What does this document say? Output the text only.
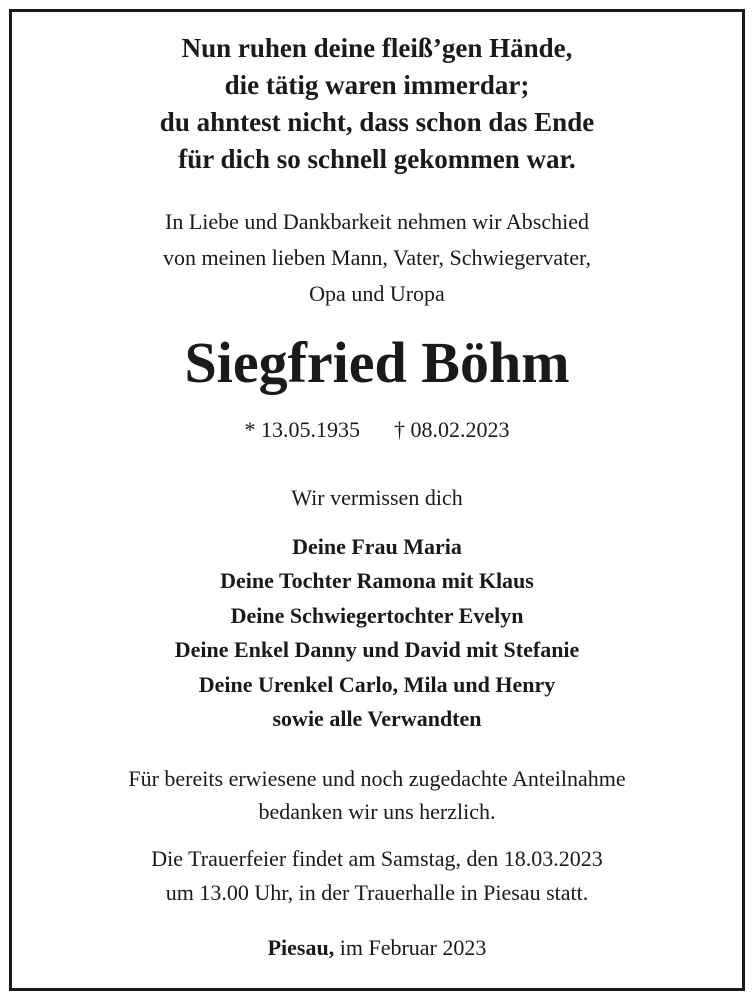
Nun ruhen deine fleiß’gen Hände,
die tätig waren immerdar;
du ahntest nicht, dass schon das Ende
für dich so schnell gekommen war.
In Liebe und Dankbarkeit nehmen wir Abschied
von meinen lieben Mann, Vater, Schwiegervater,
Opa und Uropa
Siegfried Böhm
* 13.05.1935 † 08.02.2023
Wir vermissen dich
Deine Frau Maria
Deine Tochter Ramona mit Klaus
Deine Schwiegertochter Evelyn
Deine Enkel Danny und David mit Stefanie
Deine Urenkel Carlo, Mila und Henry
sowie alle Verwandten
Für bereits erwiesene und noch zugedachte Anteilnahme
bedanken wir uns herzlich.
Die Trauerfeier findet am Samstag, den 18.03.2023
um 13.00 Uhr, in der Trauerhalle in Piesau statt.
Piesau, im Februar 2023
